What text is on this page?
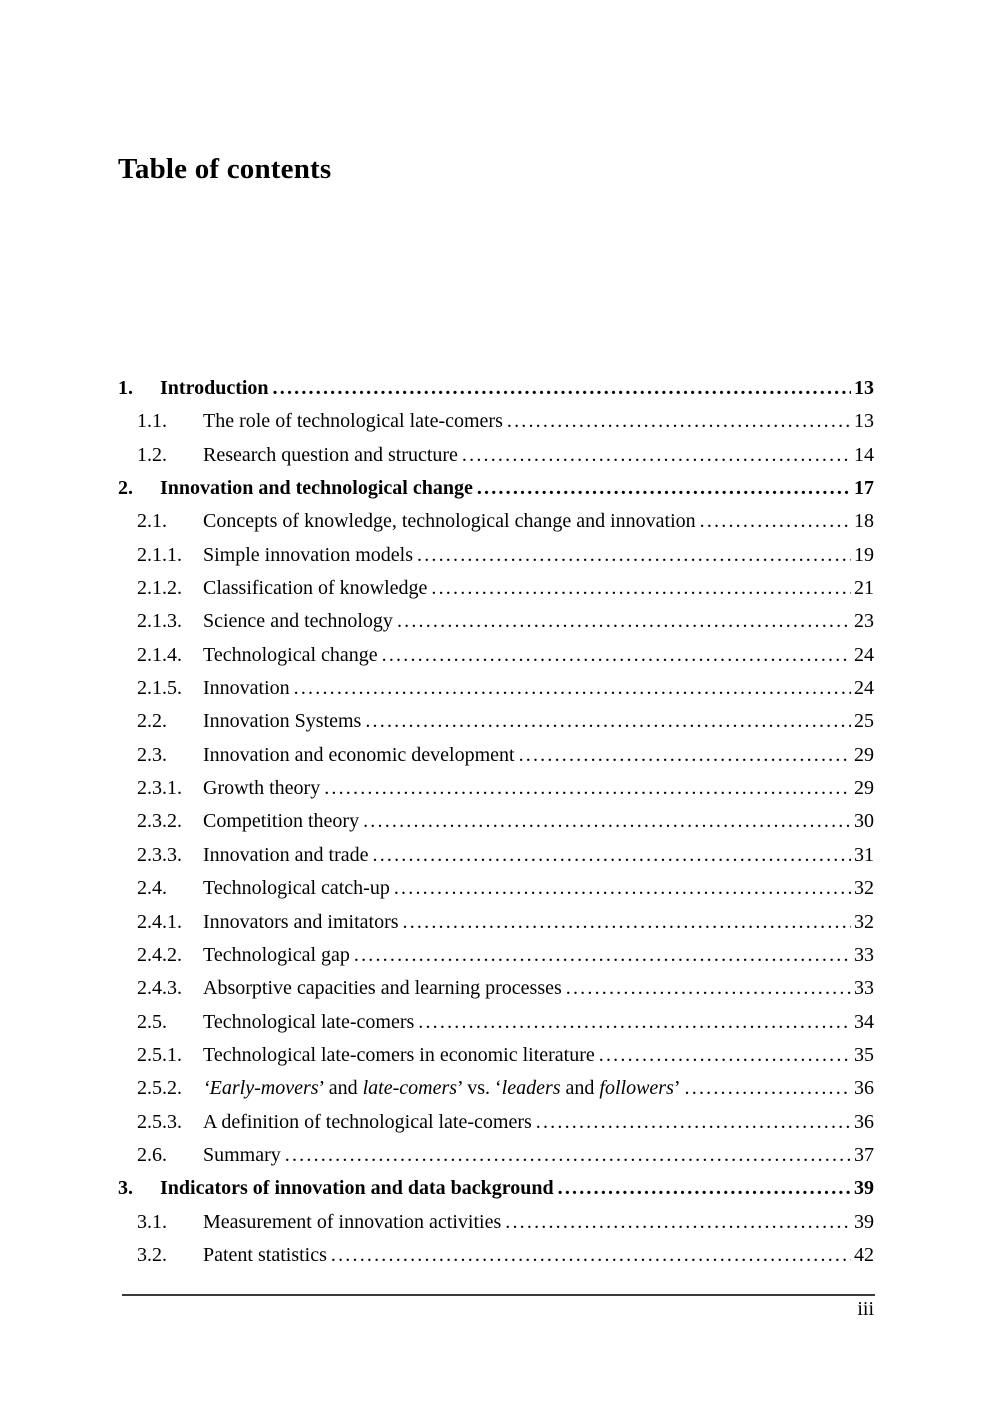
Table of contents
1.	Introduction .....	13
1.1.	The role of technological late-comers .....	13
1.2.	Research question and structure .....	14
2.	Innovation and technological change .....	17
2.1.	Concepts of knowledge, technological change and innovation .....	18
2.1.1.	Simple innovation models .....	19
2.1.2.	Classification of knowledge .....	21
2.1.3.	Science and technology .....	23
2.1.4.	Technological change .....	24
2.1.5.	Innovation .....	24
2.2.	Innovation Systems .....	25
2.3.	Innovation and economic development .....	29
2.3.1.	Growth theory .....	29
2.3.2.	Competition theory .....	30
2.3.3.	Innovation and trade .....	31
2.4.	Technological catch-up .....	32
2.4.1.	Innovators and imitators .....	32
2.4.2.	Technological gap .....	33
2.4.3.	Absorptive capacities and learning processes .....	33
2.5.	Technological late-comers .....	34
2.5.1.	Technological late-comers in economic literature .....	35
2.5.2.	‘Early-movers’ and late-comers’ vs. ‘leaders and followers’ .....	36
2.5.3.	A definition of technological late-comers .....	36
2.6.	Summary .....	37
3.	Indicators of innovation and data background .....	39
3.1.	Measurement of innovation activities .....	39
3.2.	Patent statistics .....	42
iii
